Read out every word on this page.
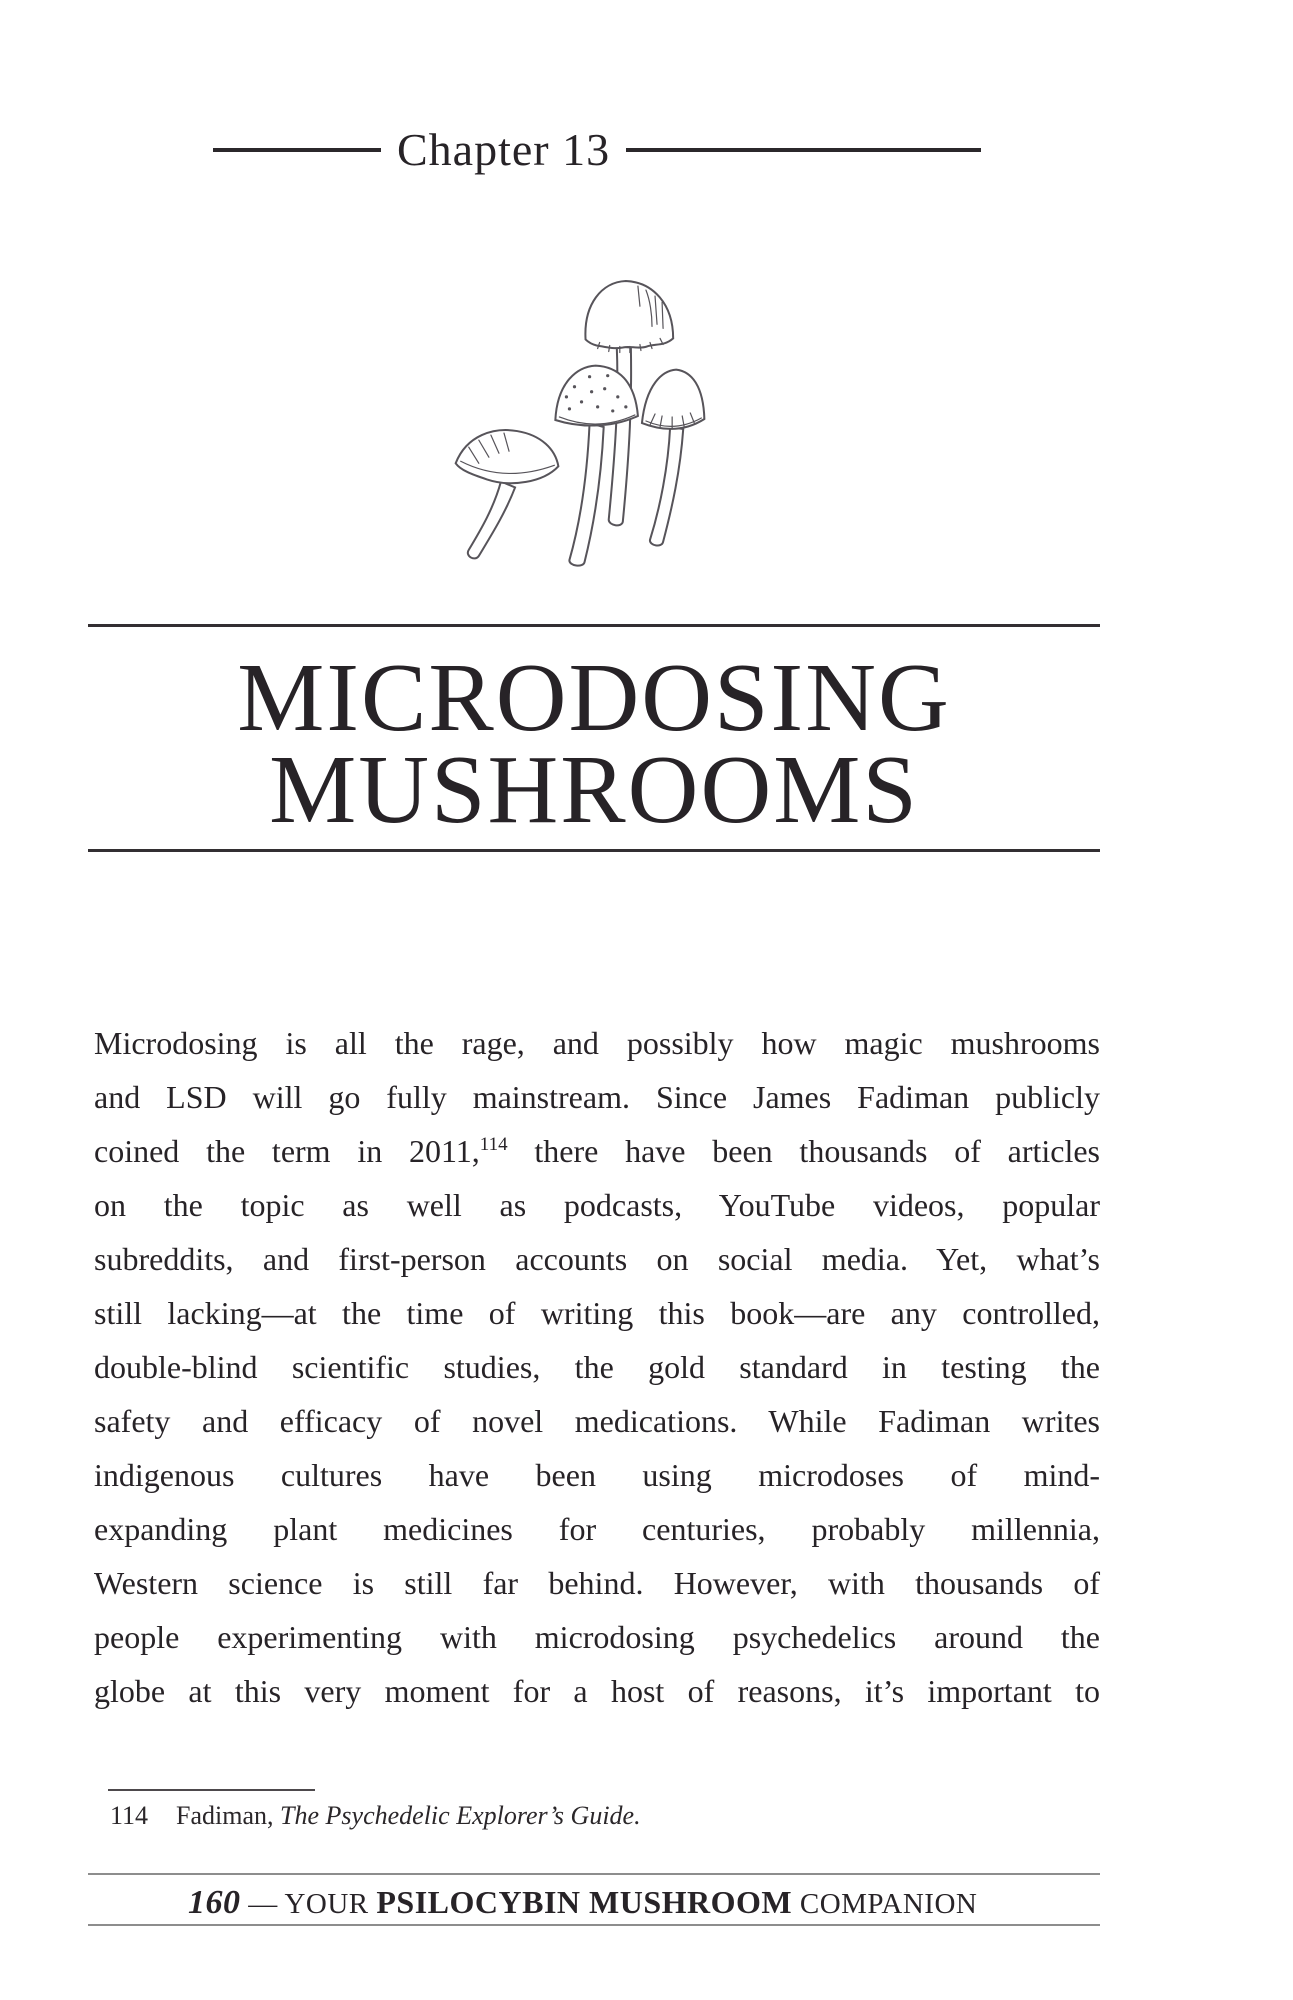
Chapter 13
MICRODOSING
MUSHROOMS
Microdosing is all the rage, and possibly how magic mushrooms
and LSD will go fully mainstream. Since James Fadiman publicly
coined the term in 2011,$^{114}$ there have been thousands of articles
on the topic as well as podcasts, YouTube videos, popular
subreddits, and first-person accounts on social media. Yet, what’s
still lacking—at the time of writing this book—are any controlled,
double-blind scientific studies, the gold standard in testing the
safety and efficacy of novel medications. While Fadiman writes
indigenous cultures have been using microdoses of mind-
expanding plant medicines for centuries, probably millennia,
Western science is still far behind. However, with thousands of
people experimenting with microdosing psychedelics around the
globe at this very moment for a host of reasons, it’s important to
114 Fadiman, The Psychedelic Explorer’s Guide.
160 — YOUR PSILOCYBIN MUSHROOM COMPANION
